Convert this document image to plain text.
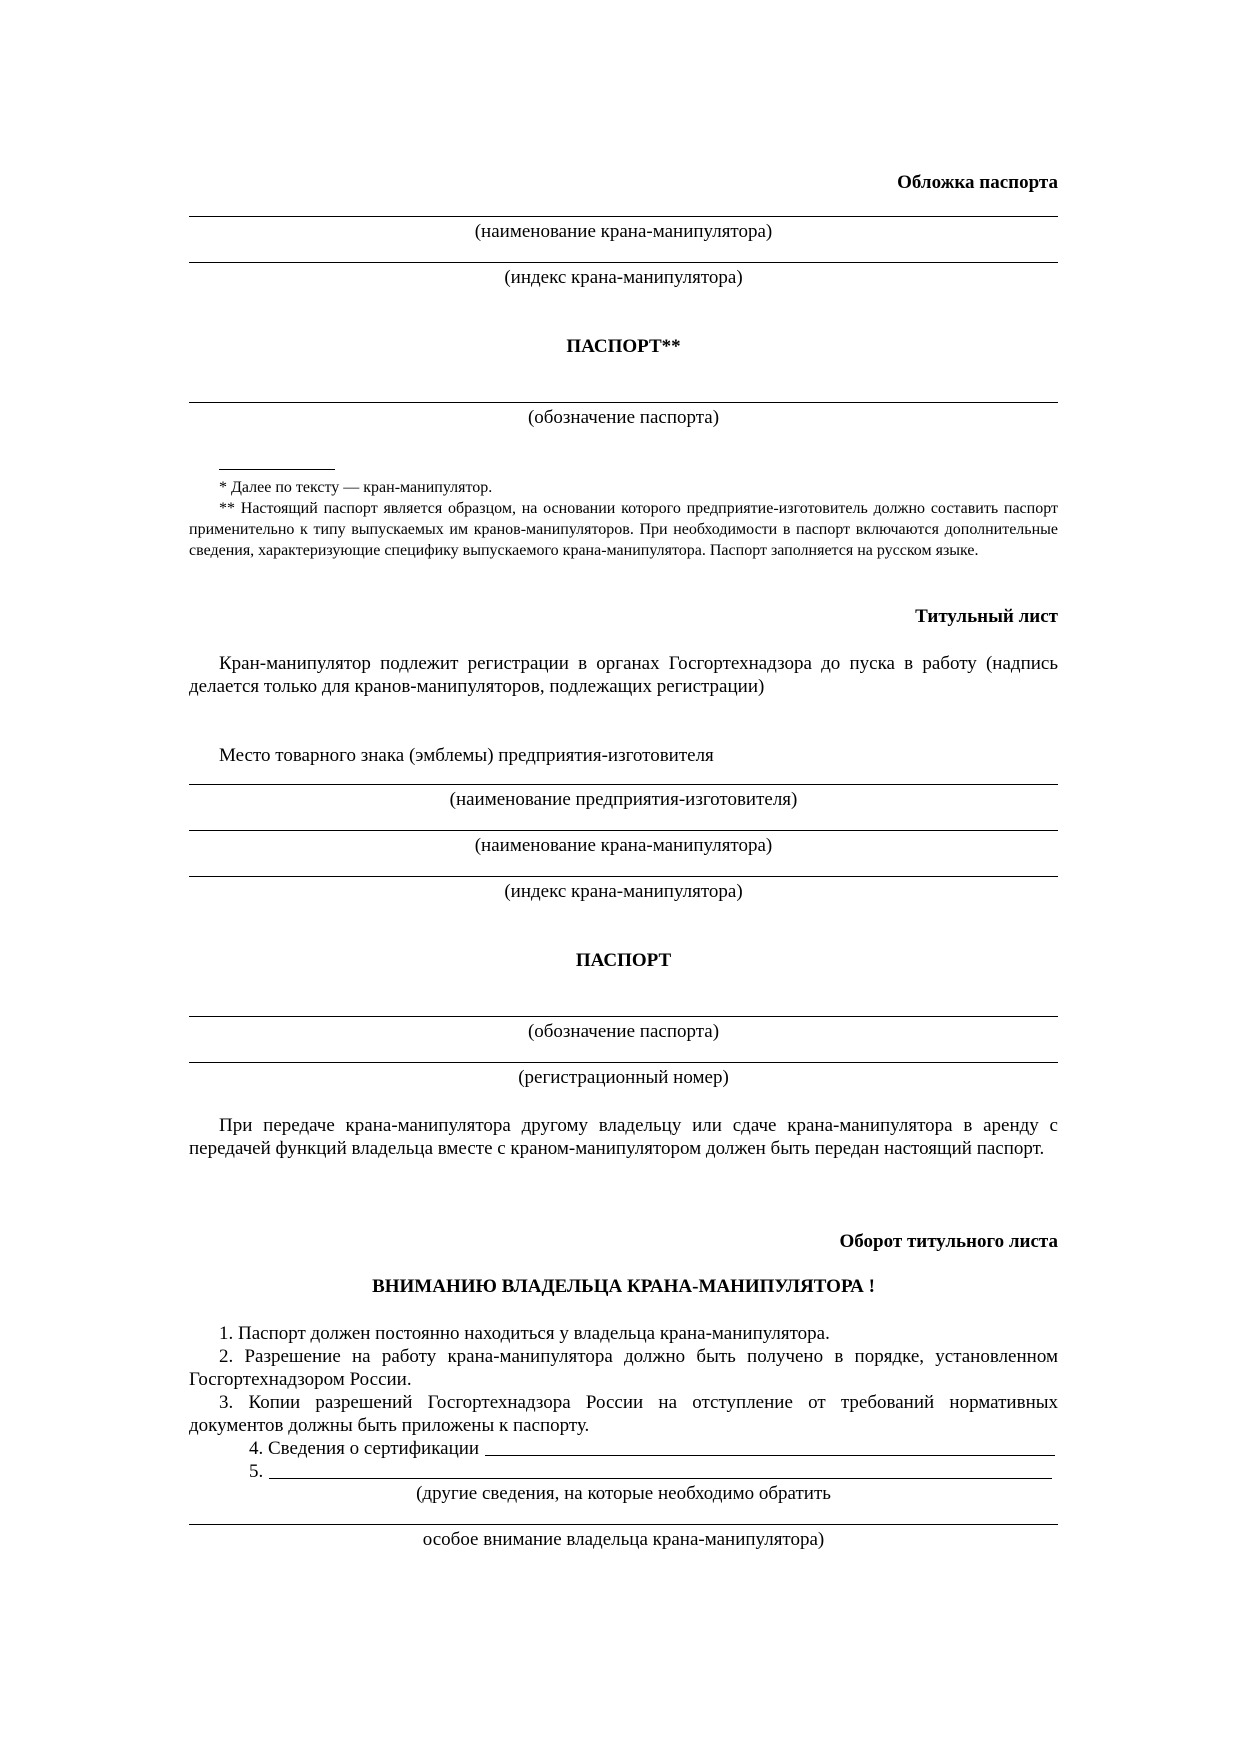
Обложка паспорта
(наименование крана-манипулятора)
(индекс крана-манипулятора)
ПАСПОРТ**
(обозначение паспорта)
* Далее по тексту — кран-манипулятор.
** Настоящий паспорт является образцом, на основании которого предприятие-изготовитель должно составить паспорт применительно к типу выпускаемых им кранов-манипуляторов. При необходимости в паспорт включаются дополнительные сведения, характеризующие специфику выпускаемого крана-манипулятора. Паспорт заполняется на русском языке.
Титульный лист
Кран-манипулятор подлежит регистрации в органах Госгортехнадзора до пуска в работу (надпись делается только для кранов-манипуляторов, подлежащих регистрации)
Место товарного знака (эмблемы) предприятия-изготовителя
(наименование предприятия-изготовителя)
(наименование крана-манипулятора)
(индекс крана-манипулятора)
ПАСПОРТ
(обозначение паспорта)
(регистрационный номер)
При передаче крана-манипулятора другому владельцу или сдаче крана-манипулятора в аренду с передачей функций владельца вместе с краном-манипулятором должен быть передан настоящий паспорт.
Оборот титульного листа
ВНИМАНИЮ ВЛАДЕЛЬЦА КРАНА-МАНИПУЛЯТОРА !
1. Паспорт должен постоянно находиться у владельца крана-манипулятора.
2. Разрешение на работу крана-манипулятора должно быть получено в порядке, установленном Госгортехнадзором России.
3. Копии разрешений Госгортехнадзора России на отступление от требований нормативных документов должны быть приложены к паспорту.
4. Сведения о сертификации
5.
(другие сведения, на которые необходимо обратить
особое внимание владельца крана-манипулятора)
